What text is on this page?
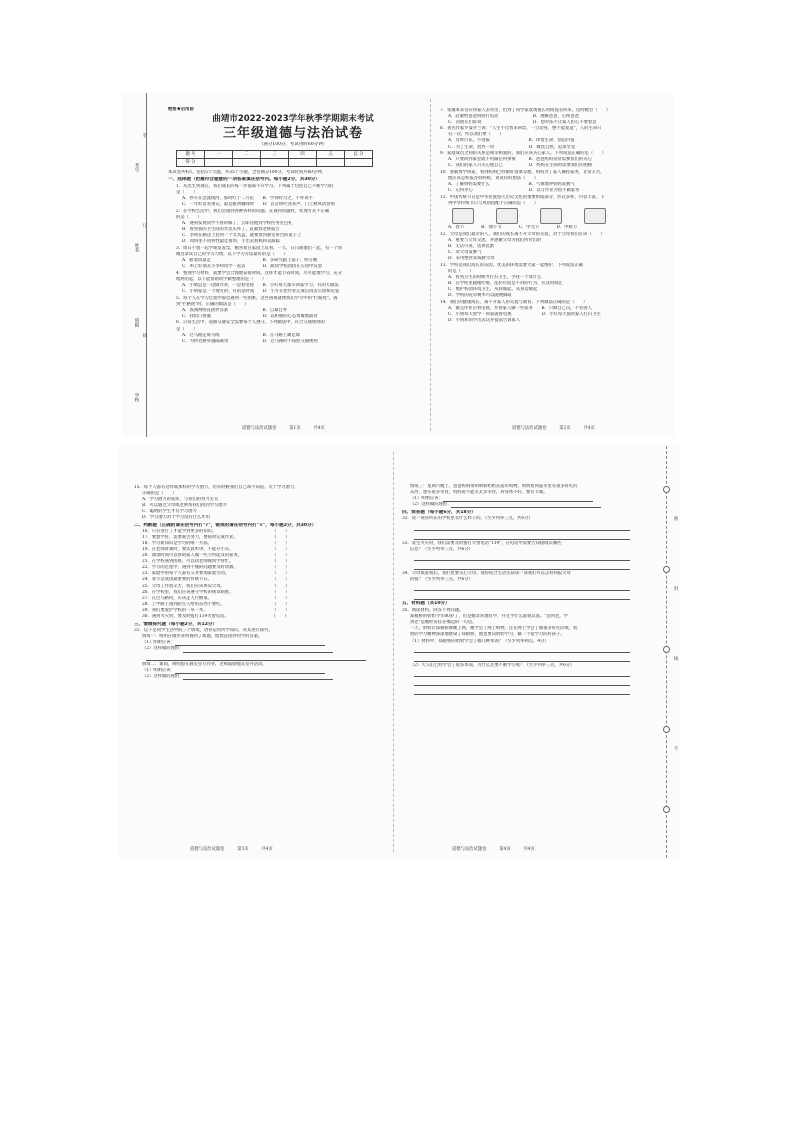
学校
班级
姓名
考号
装
订
线
绝密★启用前
曲靖市2022-2023学年秋季学期期末考试
三年级道德与法治试卷
（满分100分，考试用时60分钟）
题 号	一	二	三	四	五	总 分
得 分						
本试卷共4页，包括5个大题，共35个小题，全卷满分100分，考试时间共60分钟。
一、选择题（把最符合题意的一项答案填在括号内。每小题2分，共30分）
1．从出生到现在，我们成长的每一步都离不开学习。下列属于包括自己不断学习的
是（　　）
A．停车在急流线湾，那时红于二月花　　B．学得时习之，不亦说乎
C．一年好景君须记，最是橙黄橘绿时　　D．首首桥叶送来声，门上秋风动客情
2．在学校生活中，我们会遇到各种各样的问题。在遇到问题时，处理方式不正确
的是（　　）
A．遇到发现同学不看讲解了，立即送他到学校医务室包扎
B．看到我的卫生间的水龙头坏了，赶紧找老师报告
C．李明在路边上捡到一个文具盒，就要放到教室讲台的桌子上
D．同班里不同特性最佳推帮，手出去看棋和去跟踪
3．周日不想一起学期发发票，她喜欢在家园上玩看。一天，日日跟他们一起，有一个同
刚这求读自己的学习习惯，以下学习方法最好的是（　　）
A．跟着同桌走　　　　　　　　　　　　B．多研究跟上前子，明写她
C．叫上好朋友小李和同学一起去　　　　D．跟同学校园找在公园中玩耍
4．整理学习材料，就要学会合理地安排时间。这样才能节省时间，尽可能地学习，充分
地利用起，以下能帮助同学做整理的是（　　）
A．小婧总是一边做作业，一边看电视　　B．小红每天都早回家学习，有的天做法
C．小明家是一个地方的，有的是时间　　D．小芳在把作业完成后再去公园和玩耍
5．每个人在学习过程中都会遇到一些困难，这些困难就像我们学习中的"拦路虎"。遇
到"拦路虎"时，正确的做法是（　　）
A．查阅网络直接抄答案　　　　　　　　B．自暴自弃
C．找借口推脱　　　　　　　　　　　　D．以积极的心态勇敢地面对
6．日常生活中，道路交通安全需要每个人遵守。下列做法中，符合交通规则的
是（　　）
A．过马路走斑马线　　　　　　　　　　B．在马路上踢足球
C．为抄近路穿越隔离带　　　　　　　　D．过马路时不按照交通规则
道德与法治试题卷　　　第1页　　　共4页
7．张敏本来答应和家人去外出，但到了同学家发现很长时间没有回来，这时她会（　　）
A．赶紧给爸爸妈妈打电话　　　　　　　　B．理解爸爸、心疼爸爸
C．向朋友们诉说　　　　　　　　　　　　D．想办法不让家人担心不要着急
8．著名作家罗曼罗兰说："人生不出售来回票，一旦动身，绝不能复返"，人的生命只
有一次，所以我们要（　　）
A．及时行乐，不进取　　　　　　　　　B．珍惜生命，创造价值
C．为了生命，放弃一切　　　　　　　　D．敬畏自然，追求享受
9．家庭成员之间的关系是相亲相爱的，我们应该关心家人。下列说法正确的是（　　）
A．只要回到家里就不用做任何事情　　　B．爸爸妈妈常常需要我们的关心
C．我们的家人只关心他自己　　　　　　D．妈妈在生病时需要我们的照顾
10．张敏放学回家，看到妈妈已经做好饭菜等他，妈妈为了家人操持家务，非常辛苦，
他应该怎样报答妈妈呢，说说你的想法（　　）
A．了解妈妈需要什么　　　　　　　　　B．气愤地冲妈妈发脾气
C．记得孝心　　　　　　　　　　　　　D．以写作业为由不做家务
11．中国传统节日是中华民族悠久历史文化的重要组成部分，形式多样，内容丰富。下
列中华传统节日与风俗搭配不正确的是（　　）
A．春节　　　　B．端午节　　　　C．中元节　　　　D．中秋节
12．父母是我们最亲的人，我们的成长离不开父母的关爱，对于父母我们应该（　　）
A．重要与父母交流，并感谢父母为我们所付出的
B．无话可说，选择沉默
C．对父母发脾气
D．采用绝食来威胁父母
13．学校是我们成长的乐园，优美的环境需要大家一起维护，下列说法正确
的是（　　）
A．看到卫生的时候才打扫卫生，少我一个算什么
B．在学校里随地吐痰、乱扔垃圾是不对的行为，应及时制止
C．维护校园环境卫生，从我做起，从身边做起
D．学校的花草树木可以随便摘取
14．我们的健康成长，离不开家人的关爱与教育。下列做法正确的是（　　）
A．做完作业后看电视，并帮家人做一些家务　　B．只顾自己玩，不管别人
C．小明每天放学一回家就看电视　　　　　　　D．小红每天都帮家人打扫卫生
D．小明和同学出去玩并提前告诉家人
道德与法治试题卷　　　第2页　　　共4页
15．每个人都有这样或那样的学习潜力，但有时候我们自己却不知道。关于学习潜力，
正确的是（　　）
A．学习潜力的发挥，与我们的努力无关
B．可以通过父母或老师帮我们找到学习潜力
C．聪明的学生才有学习潜力
D．学习潜力对于学习没有什么作用
二、判断题（正确的请在括号内打"√"，错误的请在括号内打"×"，每小题2分，共30分）
16．只有进行了才能学到更多的知识。　　　　　　　　　　　　　　（　　）
17．要想学好，需要刻苦努力，要按时完成作业。　　　　　　　　　（　　）
18．学习新知识是学习的唯一方法。　　　　　　　　　　　　　　　（　　）
19．在老师讲课时，要认真听讲，不能开小差。　　　　　　　　　　（　　）
20．课余时间可以帮助家人做一些力所能及的家务。　　　　　　　　（　　）
21．在学校遇到困难，可以找老师或同学帮忙。　　　　　　　　　　（　　）
22．学习的过程中，遇到不懂的问题要及时请教。　　　　　　　　　（　　）
23．家庭中的每个人都有义务参加家庭劳动。　　　　　　　　　　　（　　）
24．春节是我国最重要的传统节日。　　　　　　　　　　　　　　　（　　）
25．父母工作很辛苦，我们应该体谅父母。　　　　　　　　　　　　（　　）
26．在学校里，我们应该遵守学校的规章制度。　　　　　　　　　　（　　）
27．在过马路时，应该走人行横道。　　　　　　　　　　　　　　　（　　）
28．上学路上遇到陌生人给的东西不要吃。　　　　　　　　　　　　（　　）
29．我们要爱护学校的一草一木。　　　　　　　　　　　　　　　　（　　）
30．遇到火灾时，要及时拨打119火警电话。　　　　　　　　　　　（　　）
三、情境探究题（每小题2分，共12分）
31．以下是同学生活中的三个情境，请你运用所学知识，对其进行探究。
情境一：明明在做作业时遇到了难题，他想直接抄同学的答案。
（1）明明应该：
（2）这样做的理由：
情境二：课间，明明想在教室里写作业，老师鼓励他去室外活动。
（1）明明应该：
（2）这样做的理由：
道德与法治试题卷　　　第3页　　　共4页
情境三：星期六晚上，爸爸妈妈带明明和奶奶去超市购物。明明看到超市里有很多好吃的
东西，想买很多零食，妈妈说不能买太多零食，对身体不好，要有节制。
（1）明明应该：
（2）这样做的理由：
四、简答题（每小题6分，共18分）
32．说一说你所在的学校里有什么样子的。（至少列举三点，共6分）
33．发生火灾时，我们需要及时拨打火警电话"119"，在电话中需要告知接线员哪些
信息？（至少列举三点，共6分）
34．父母很爱我们，我们也要关心父母。请你结合生活实际谈一谈我们可以怎样回报父母
的爱？（至少列举三点，共6分）
五、材料题（共10分）
35．阅读材料，回答下列问题。
郑板桥的奶奶今年80岁了，但是她非常地好学，并且学什么都很认真。"活到老，学
到老"是她经常挂在嘴边的一句话。
一天，奶奶让郑板桥教她上网，她学会了网上购物，还在网上学会了做很多好吃的菜，奶
奶的学习精神深深地感染了郑板桥，他也要向奶奶学习，做一个爱学习的好孩子。
（1）材料中，郑板桥的奶奶学会了哪几种本领？（至少列举两点，4分）
（2）大人们已经学会了很多本领，为什么还要不断学习呢？（至少列举三点，共6分）
道德与法治试题卷　　　第4页　　　共4页
密
封
线
不
